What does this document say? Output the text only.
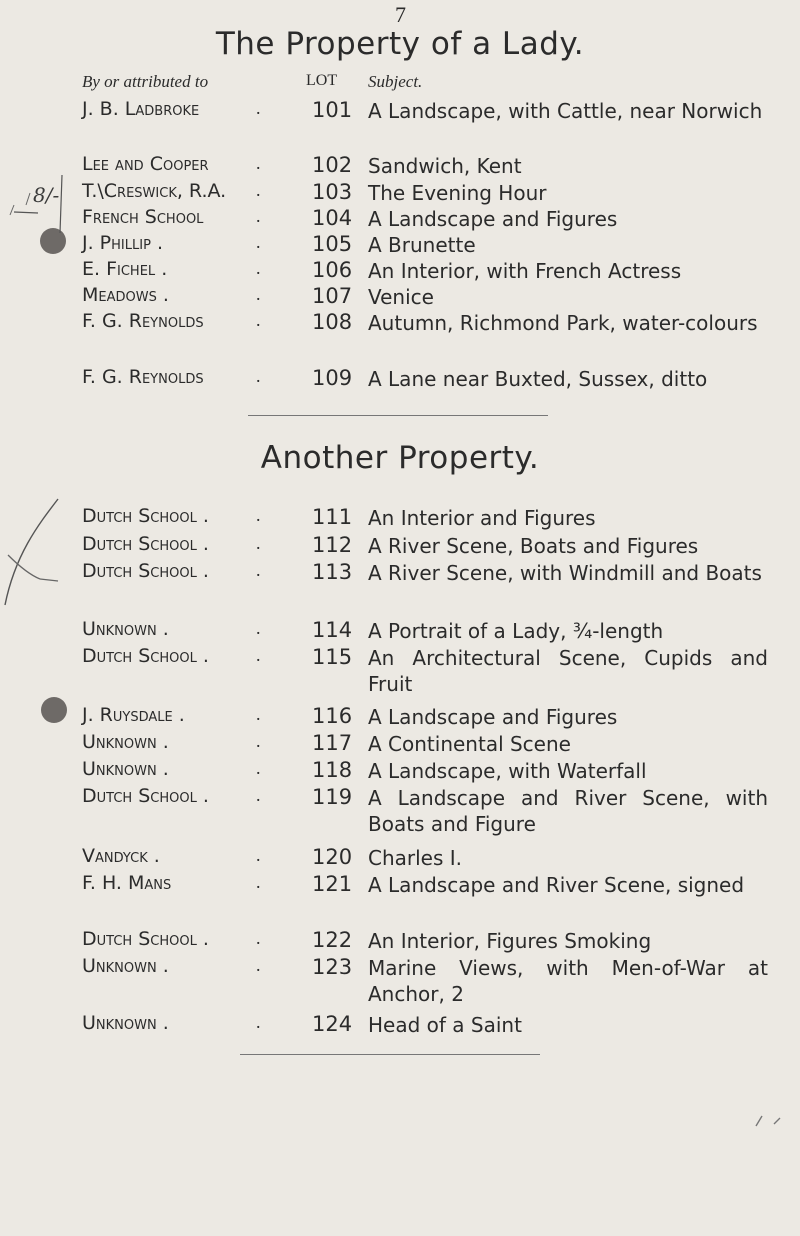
7
The Property of a Lady.
By or attributed to	LOT Subject.
J. B. Ladbroke	. 101 A Landscape, with Cattle, near Norwich
Lee and Cooper	. 102 Sandwich, Kent
T.\Creswick, R.A. . 103 The Evening Hour
French School	. 104 A Landscape and Figures
J. Phillip .	. 105 A Brunette
E. Fichel .	. 106 An Interior, with French Actress
Meadows .	. 107 Venice
F. G. Reynolds	. 108 Autumn, Richmond Park, water-colours
F. G. Reynolds	. 109 A Lane near Buxted, Sussex, ditto
Another Property.
Dutch School .	. 111 An Interior and Figures
Dutch School .	. 112 A River Scene, Boats and Figures
Dutch School .	. 113 A River Scene, with Windmill and Boats
Unknown .	. 114 A Portrait of a Lady, ¾-length
Dutch School .	. 115 An Architectural Scene, Cupids and Fruit
J. Ruysdale .	. 116 A Landscape and Figures
Unknown .	. 117 A Continental Scene
Unknown .	. 118 A Landscape, with Waterfall
Dutch School .	. 119 A Landscape and River Scene, with Boats and Figure
Vandyck .	. 120 Charles I.
F. H. Mans	. 121 A Landscape and River Scene, signed
Dutch School .	. 122 An Interior, Figures Smoking
Unknown .	. 123 Marine Views, with Men-of-War at Anchor, 2
Unknown .	. 124 Head of a Saint
8/-
